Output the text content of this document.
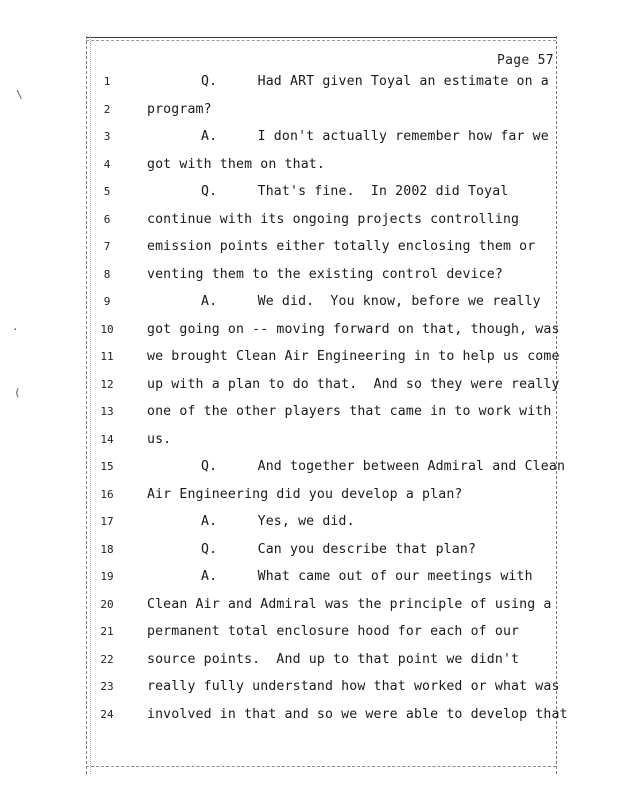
\
(
.
Page 57
1	Q.     Had ART given Toyal an estimate on a
2	program?
3	A.     I don't actually remember how far we
4	got with them on that.
5	Q.     That's fine.  In 2002 did Toyal
6	continue with its ongoing projects controlling
7	emission points either totally enclosing them or
8	venting them to the existing control device?
9	A.     We did.  You know, before we really
10	got going on -- moving forward on that, though, was
11	we brought Clean Air Engineering in to help us come
12	up with a plan to do that.  And so they were really
13	one of the other players that came in to work with
14	us.
15	Q.     And together between Admiral and Clean
16	Air Engineering did you develop a plan?
17	A.     Yes, we did.
18	Q.     Can you describe that plan?
19	A.     What came out of our meetings with
20	Clean Air and Admiral was the principle of using a
21	permanent total enclosure hood for each of our
22	source points.  And up to that point we didn't
23	really fully understand how that worked or what was
24	involved in that and so we were able to develop that
